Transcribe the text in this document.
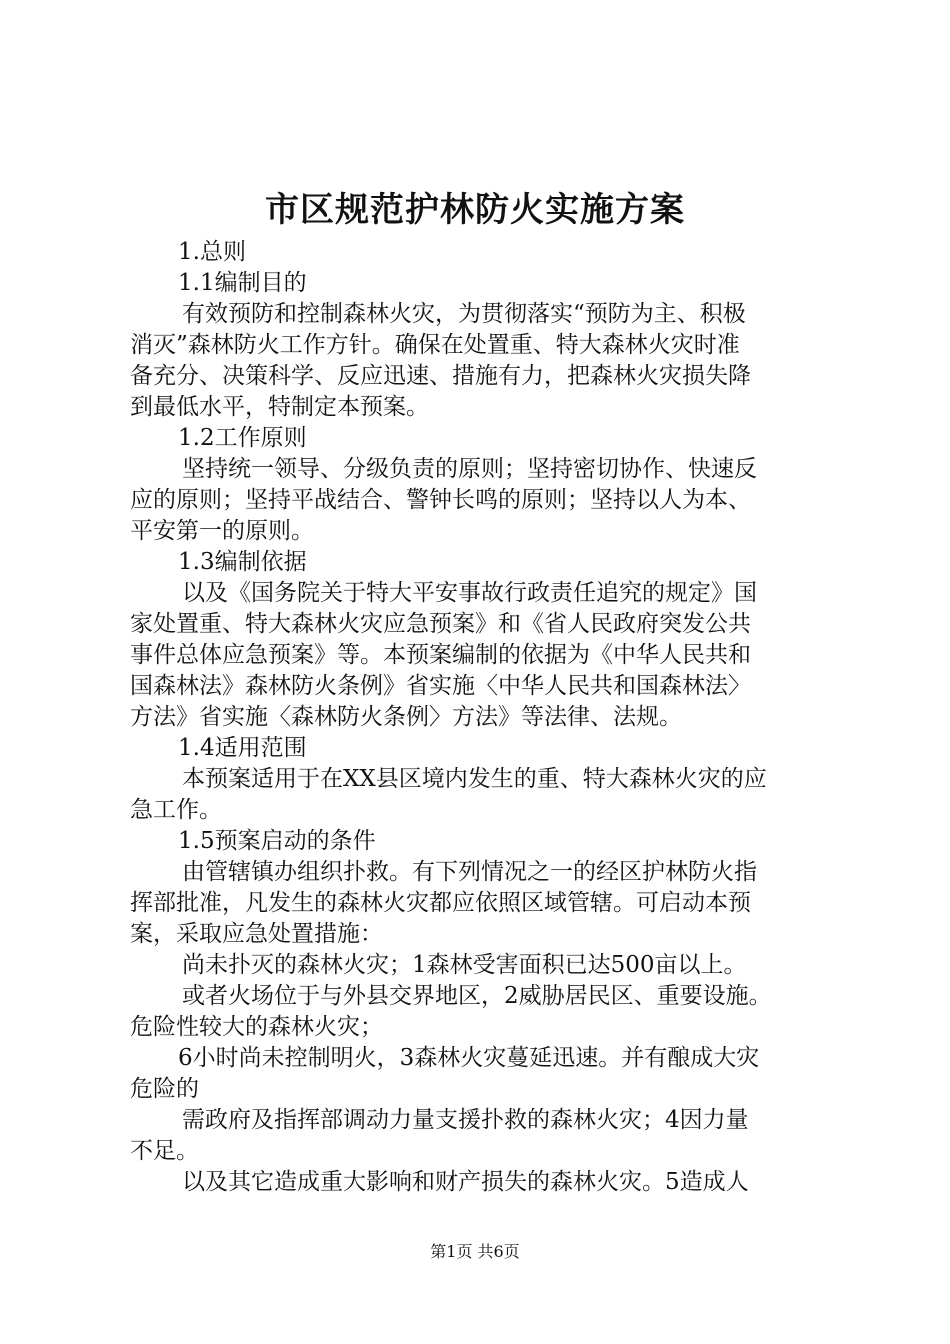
市区规范护林防火实施方案
1.总则
1.1编制目的
有效预防和控制森林火灾，为贯彻落实“预防为主、积极
消灭”森林防火工作方针。确保在处置重、特大森林火灾时准
备充分、决策科学、反应迅速、措施有力，把森林火灾损失降
到最低水平，特制定本预案。
1.2工作原则
坚持统一领导、分级负责的原则；坚持密切协作、快速反
应的原则；坚持平战结合、警钟长鸣的原则；坚持以人为本、
平安第一的原则。
1.3编制依据
以及《国务院关于特大平安事故行政责任追究的规定》国
家处置重、特大森林火灾应急预案》和《省人民政府突发公共
事件总体应急预案》等。本预案编制的依据为《中华人民共和
国森林法》森林防火条例》省实施〈中华人民共和国森林法〉
方法》省实施〈森林防火条例〉方法》等法律、法规。
1.4适用范围
本预案适用于在XX县区境内发生的重、特大森林火灾的应
急工作。
1.5预案启动的条件
由管辖镇办组织扑救。有下列情况之一的经区护林防火指
挥部批准，凡发生的森林火灾都应依照区域管辖。可启动本预
案，采取应急处置措施：
尚未扑灭的森林火灾；1森林受害面积已达500亩以上。
或者火场位于与外县交界地区，2威胁居民区、重要设施。
危险性较大的森林火灾；
6小时尚未控制明火，3森林火灾蔓延迅速。并有酿成大灾
危险的
需政府及指挥部调动力量支援扑救的森林火灾；4因力量
不足。
以及其它造成重大影响和财产损失的森林火灾。5造成人
第1页 共6页
